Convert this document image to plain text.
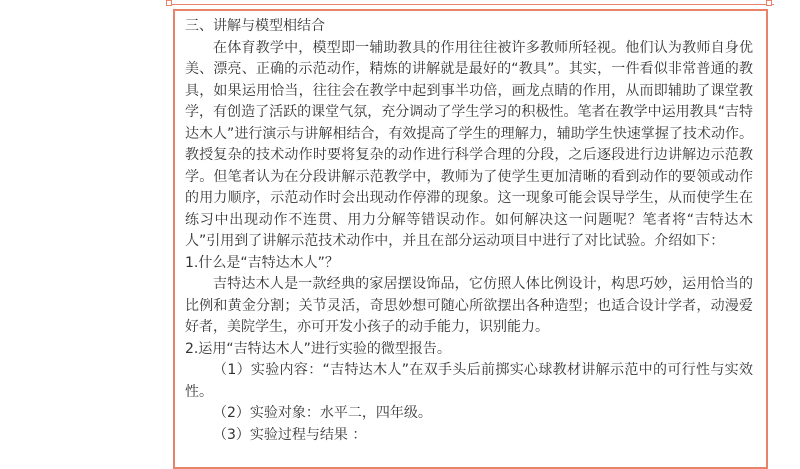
三、讲解与模型相结合

在体育教学中，模型即一辅助教具的作用往往被许多教师所轻视。他们认为教师自身优美、漂亮、正确的示范动作，精炼的讲解就是最好的“教具”。其实，一件看似非常普通的教具，如果运用恰当，往往会在教学中起到事半功倍，画龙点睛的作用，从而即辅助了课堂教学，有创造了活跃的课堂气氛，充分调动了学生学习的积极性。笔者在教学中运用教具“吉特达木人”进行演示与讲解相结合，有效提高了学生的理解力，辅助学生快速掌握了技术动作。教授复杂的技术动作时要将复杂的动作进行科学合理的分段，之后逐段进行边讲解边示范教学。但笔者认为在分段讲解示范教学中，教师为了使学生更加清晰的看到动作的要领或动作的用力顺序，示范动作时会出现动作停滞的现象。这一现象可能会误导学生，从而使学生在练习中出现动作不连贯、用力分解等错误动作。如何解决这一问题呢？笔者将“吉特达木人”引用到了讲解示范技术动作中，并且在部分运动项目中进行了对比试验。介绍如下：

1.什么是“吉特达木人”？

吉特达木人是一款经典的家居摆设饰品，它仿照人体比例设计，构思巧妙，运用恰当的比例和黄金分割；关节灵活，奇思妙想可随心所欲摆出各种造型；也适合设计学者，动漫爱好者，美院学生，亦可开发小孩子的动手能力，识别能力。

2.运用“吉特达木人”进行实验的微型报告。

（1）实验内容：“吉特达木人”在双手头后前掷实心球教材讲解示范中的可行性与实效性。

（2）实验对象：水平二，四年级。

（3）实验过程与结果 ：
